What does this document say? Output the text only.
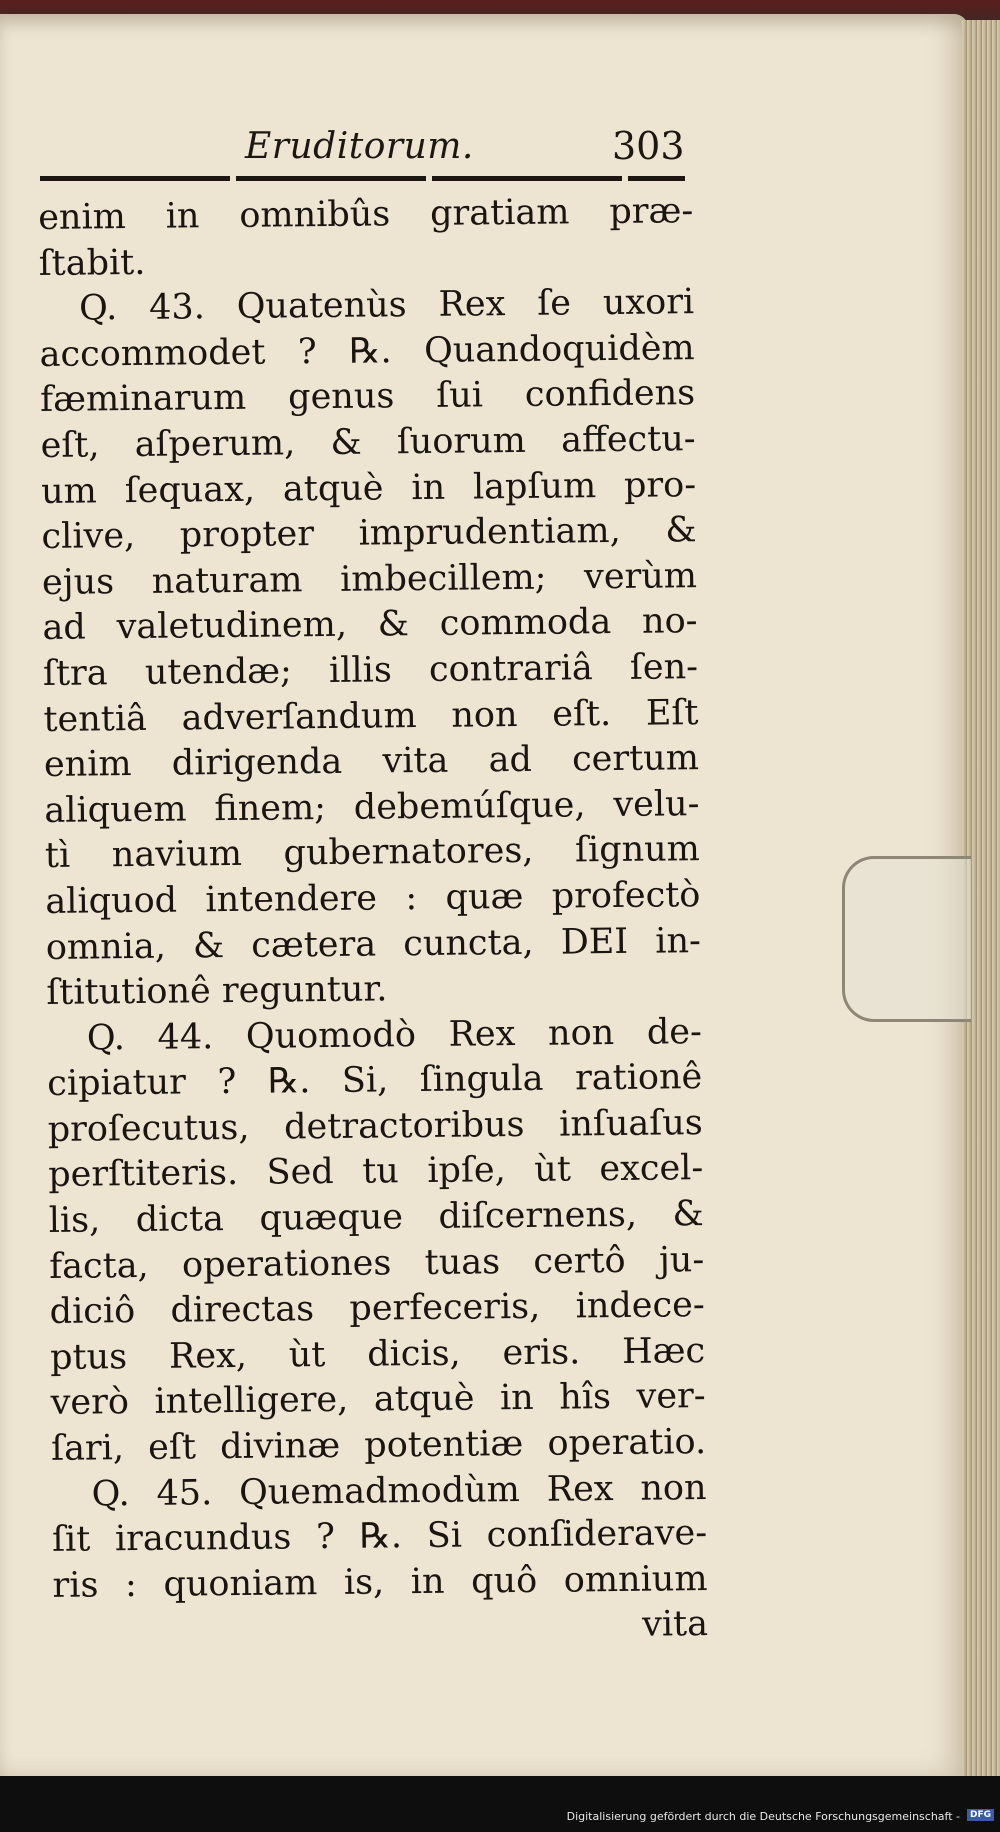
Eruditorum.	303
enim in omnibûs gratiam præ-
ſtabit.
Q. 43. Quatenùs Rex ſe uxori
accommodet ? ℞. Quandoquidèm
fæminarum genus ſui confidens
eſt, aſperum, & ſuorum affectu-
um ſequax, atquè in lapſum pro-
clive, propter imprudentiam, &
ejus naturam imbecillem; verùm
ad valetudinem, & commoda no-
ſtra utendæ; illis contrariâ ſen-
tentiâ adverſandum non eſt. Eſt
enim dirigenda vita ad certum
aliquem finem; debemúſque, velu-
tì navium gubernatores, ſignum
aliquod intendere : quæ profectò
omnia, & cætera cuncta, DEI in-
ſtitutionê reguntur.
Q. 44. Quomodò Rex non de-
cipiatur ? ℞. Si, ſingula rationê
proſecutus, detractoribus inſuaſus
perſtiteris. Sed tu ipſe, ùt excel-
lis, dicta quæque diſcernens, &
facta, operationes tuas certô ju-
diciô directas perfeceris, indece-
ptus Rex, ùt dicis, eris. Hæc
verò intelligere, atquè in hîs ver-
ſari, eſt divinæ potentiæ operatio.
Q. 45. Quemadmodùm Rex non
ſit iracundus ? ℞. Si conſiderave-
ris : quoniam is, in quô omnium
vita
Digitalisierung gefördert durch die Deutsche Forschungsgemeinschaft -	DFG
